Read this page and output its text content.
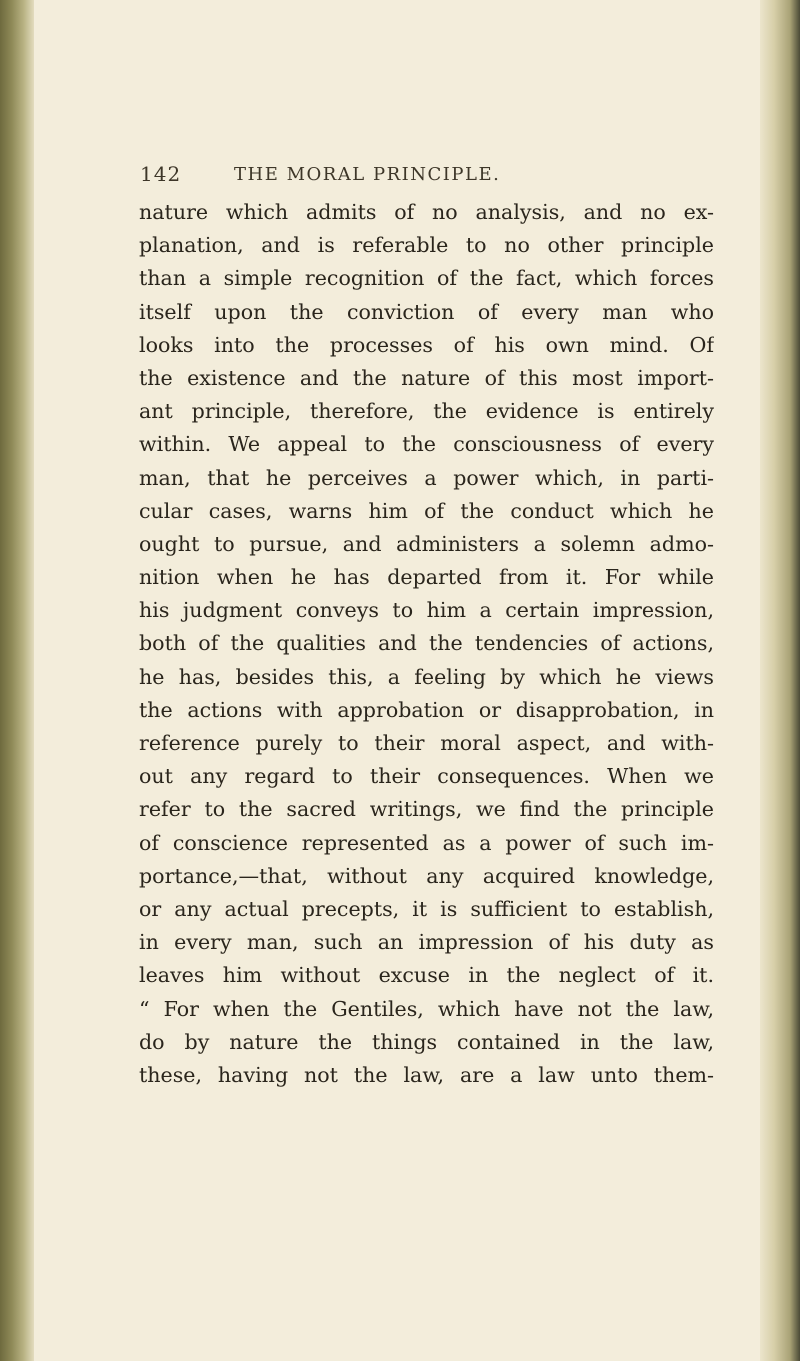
142	THE MORAL PRINCIPLE.
nature which admits of no analysis, and no ex-
planation, and is referable to no other principle
than a simple recognition of the fact, which forces
itself upon the conviction of every man who
looks into the processes of his own mind. Of
the existence and the nature of this most import-
ant principle, therefore, the evidence is entirely
within. We appeal to the consciousness of every
man, that he perceives a power which, in parti-
cular cases, warns him of the conduct which he
ought to pursue, and administers a solemn admo-
nition when he has departed from it. For while
his judgment conveys to him a certain impression,
both of the qualities and the tendencies of actions,
he has, besides this, a feeling by which he views
the actions with approbation or disapprobation, in
reference purely to their moral aspect, and with-
out any regard to their consequences. When we
refer to the sacred writings, we find the principle
of conscience represented as a power of such im-
portance,—that, without any acquired knowledge,
or any actual precepts, it is sufficient to establish,
in every man, such an impression of his duty as
leaves him without excuse in the neglect of it.
“ For when the Gentiles, which have not the law,
do by nature the things contained in the law,
these, having not the law, are a law unto them-
